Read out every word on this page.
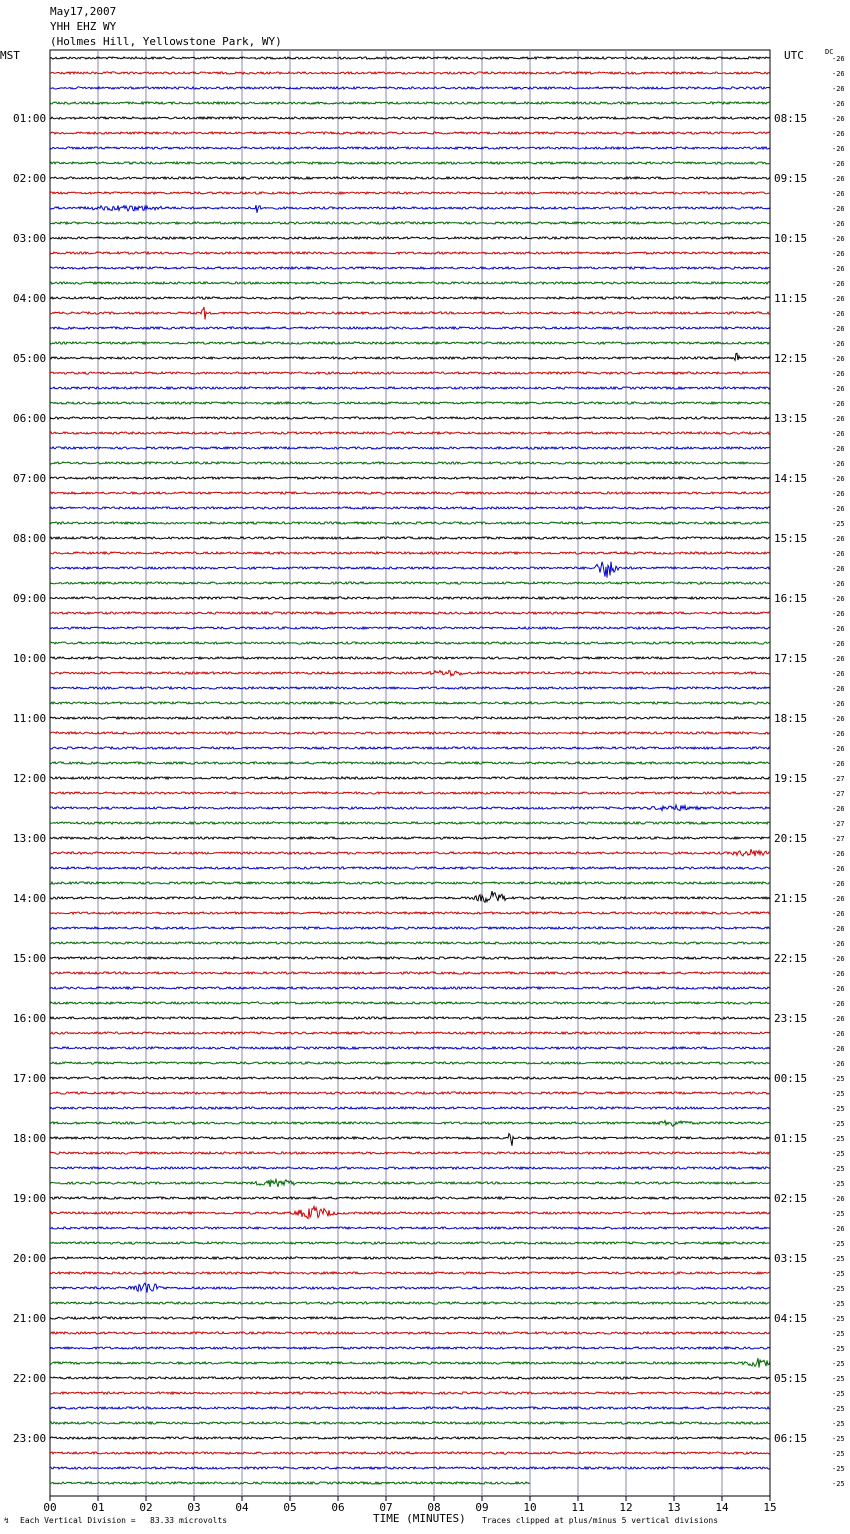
May17,2007
YHH EHZ WY
(Holmes Hill, Yellowstone Park, WY)
MST	UTC	DC
-26
-26
-26
-26
-26
-26
-26
-26
-26
-26
-26
-26
-26
-26
-26
-26
-26
-26
-26
-26
-26
-26
-26
-26
-26
-26
-26
-26
-26
-26
-26
-25
-26
-26
-26
-26
-26
-26
-26
-26
-26
-26
-26
-26
-26
-26
-26
-26
-27
-27
-26
-27
-27
-26
-26
-26
-26
-26
-26
-26
-26
-26
-26
-26
-26
-26
-26
-26
-25
-25
-25
-25
-25
-25
-25
-25
-26
-25
-26
-25
-25
-25
-25
-25
-25
-25
-25
-25
-25
-25
-25
-25
-25
-25
-25
-25
01:00	08:15
02:00	09:15
03:00	10:15
04:00	11:15
05:00	12:15
06:00	13:15
07:00	14:15
08:00	15:15
09:00	16:15
10:00	17:15
11:00	18:15
12:00	19:15
13:00	20:15
14:00	21:15
15:00	22:15
16:00	23:15
17:00	00:15
18:00	01:15
19:00	02:15
20:00	03:15
21:00	04:15
22:00	05:15
23:00	06:15
00	01	02	03	04	05	06	07	08	09	10	11	12	13	14	15
↯ Each Vertical Division =   83.33 microvolts	TIME (MINUTES) Traces clipped at plus/minus 5 vertical divisions
